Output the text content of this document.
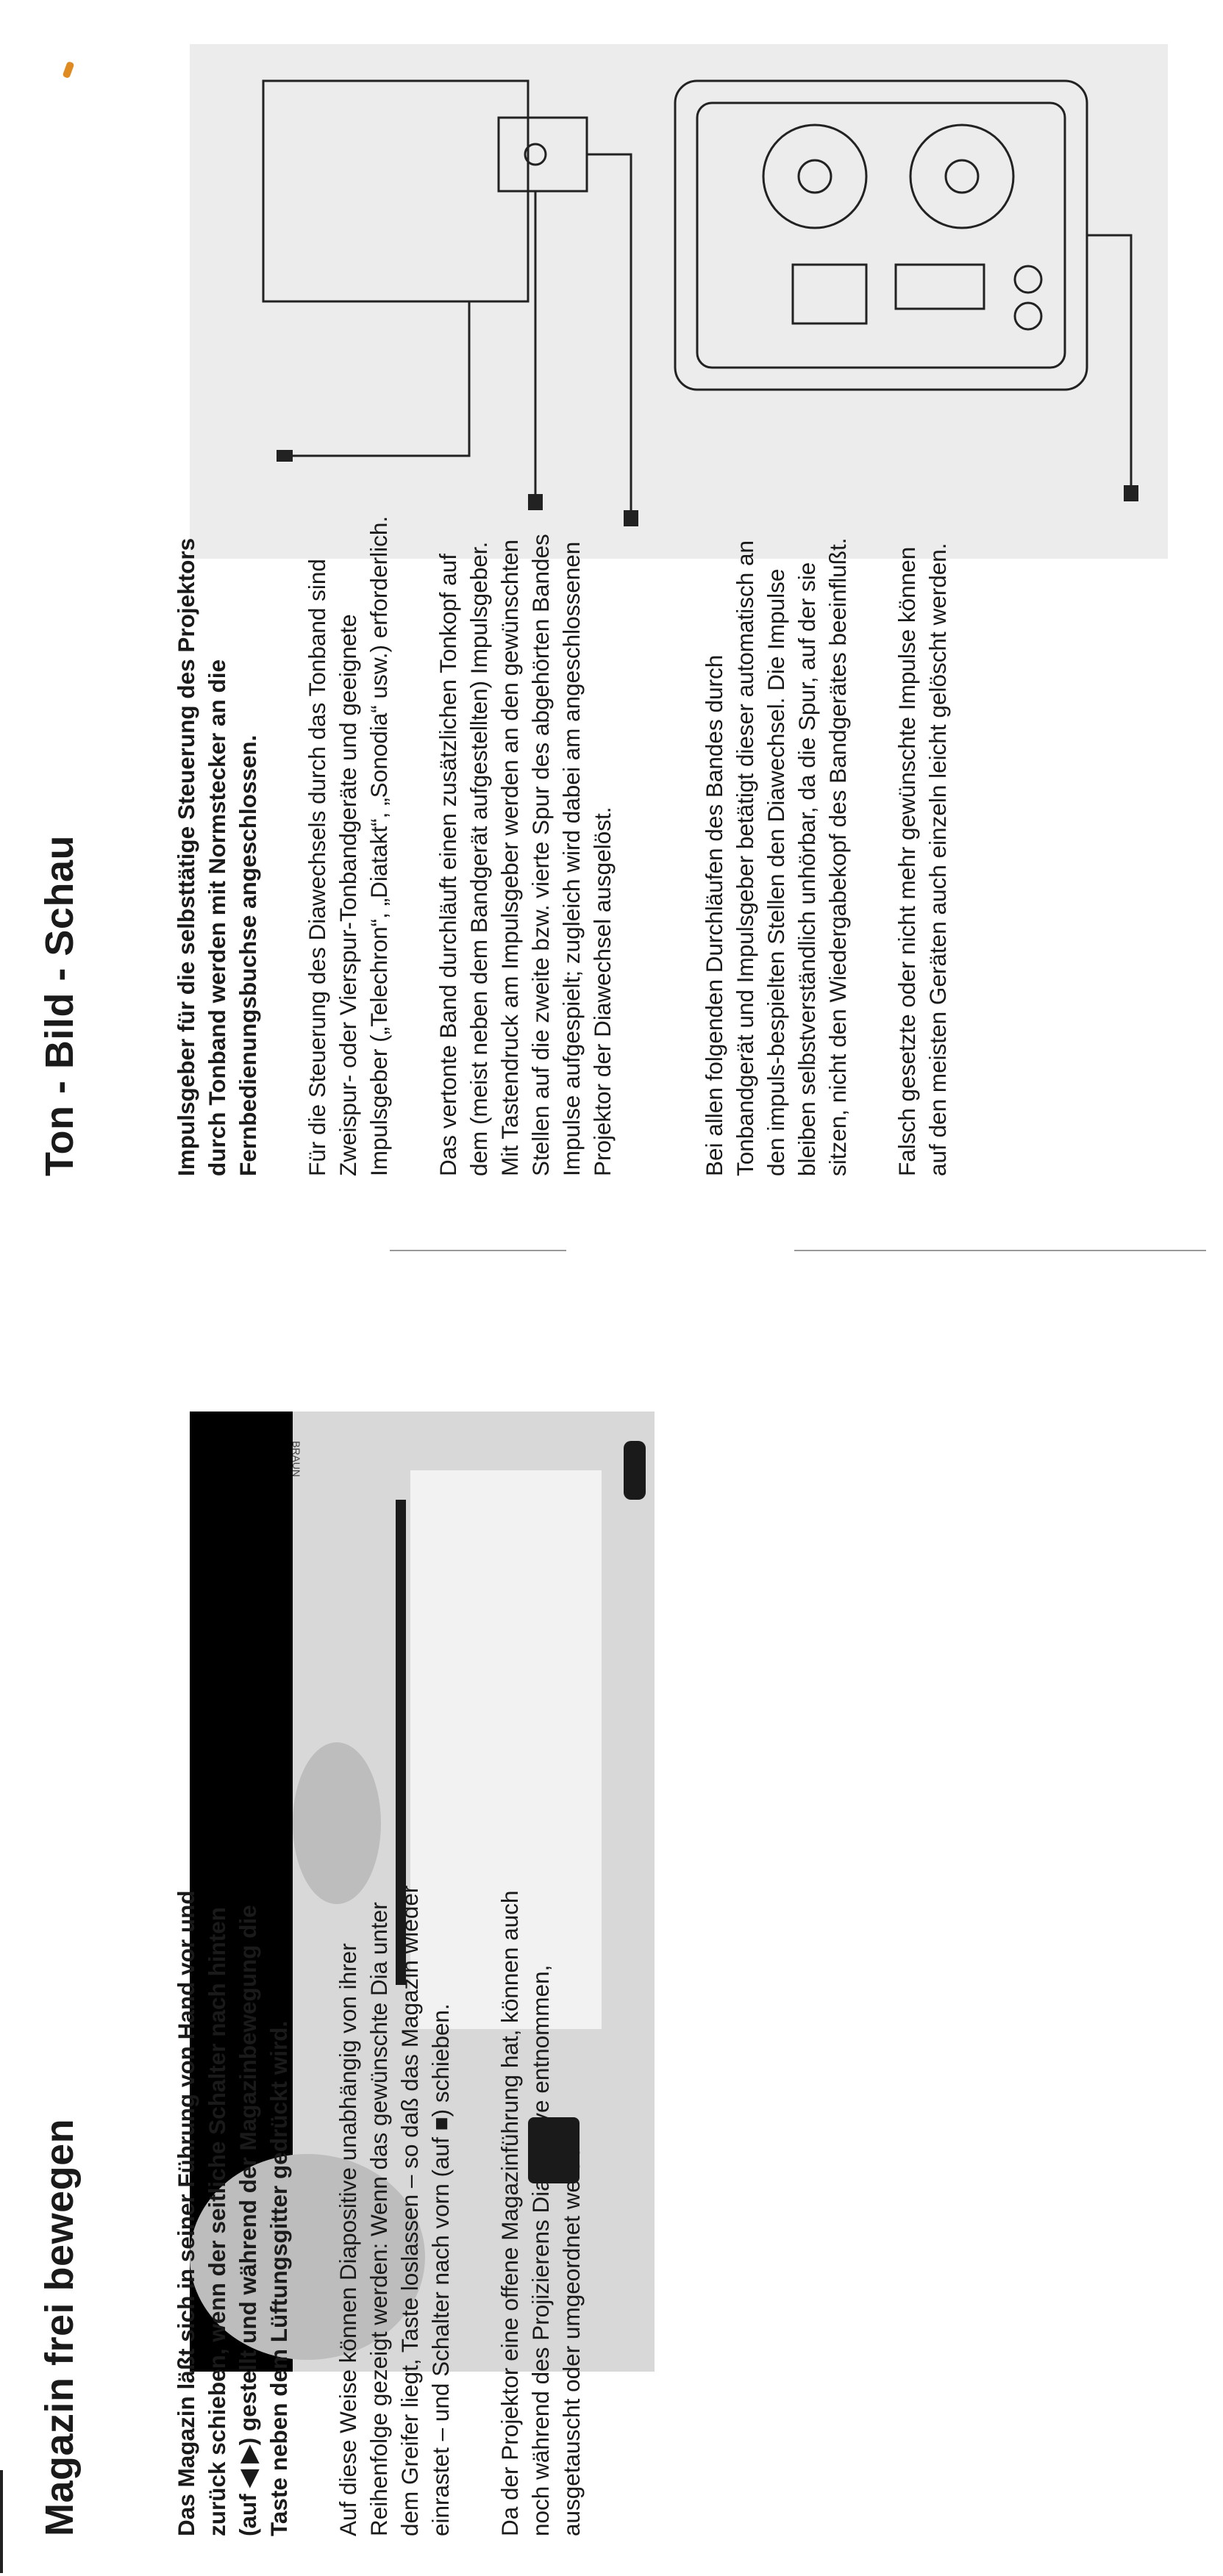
Ton - Bild - Schau	Impulsgeber für die selbsttätige Steuerung des Projektors durch Tonband werden mit Normstecker an die Fernbedienungsbuchse angeschlossen. Für die Steuerung des Diawechsels durch das Tonband sind Zweispur- oder Vierspur-Tonbandgeräte und geeignete Impulsgeber („Telechron“, „Diatakt“, „Sonodia“ usw.) erforderlich. Das vertonte Band durchläuft einen zusätzlichen Tonkopf auf dem (meist neben dem Bandgerät aufgestellten) Impulsgeber. Mit Tastendruck am Impulsgeber werden an den gewünschten Stellen auf die zweite bzw. vierte Spur des abgehörten Bandes Impulse aufgespielt; zugleich wird dabei am angeschlossenen Projektor der Diawechsel ausgelöst.	Bei allen folgenden Durchläufen des Bandes durch Tonbandgerät und Impulsgeber betätigt dieser automatisch an den impuls-bespielten Stellen den Diawechsel. Die Impulse bleiben selbstverständlich unhörbar, da die Spur, auf der sie sitzen, nicht den Wiedergabekopf des Bandgerätes beeinflußt. Falsch gesetzte oder nicht mehr gewünschte Impulse können auf den meisten Geräten auch einzeln leicht gelöscht werden.

BRAUN
Magazin frei bewegen	Das Magazin läßt sich in seiner Führung von Hand vor und zurück schieben, wenn der seitliche Schalter nach hinten (auf ◀ ▶) gestellt und während der Magazinbewegung die Taste neben dem Lüftungsgitter gedrückt wird. Auf diese Weise können Diapositive unabhängig von ihrer Reihenfolge gezeigt werden: Wenn das gewünschte Dia unter dem Greifer liegt, Taste loslassen – so daß das Magazin wieder einrastet – und Schalter nach vorn (auf ■) schieben. Da der Projektor eine offene Magazinführung hat, können auch noch während des Projizierens Diapositive entnommen, ausgetauscht oder umgeordnet werden.
